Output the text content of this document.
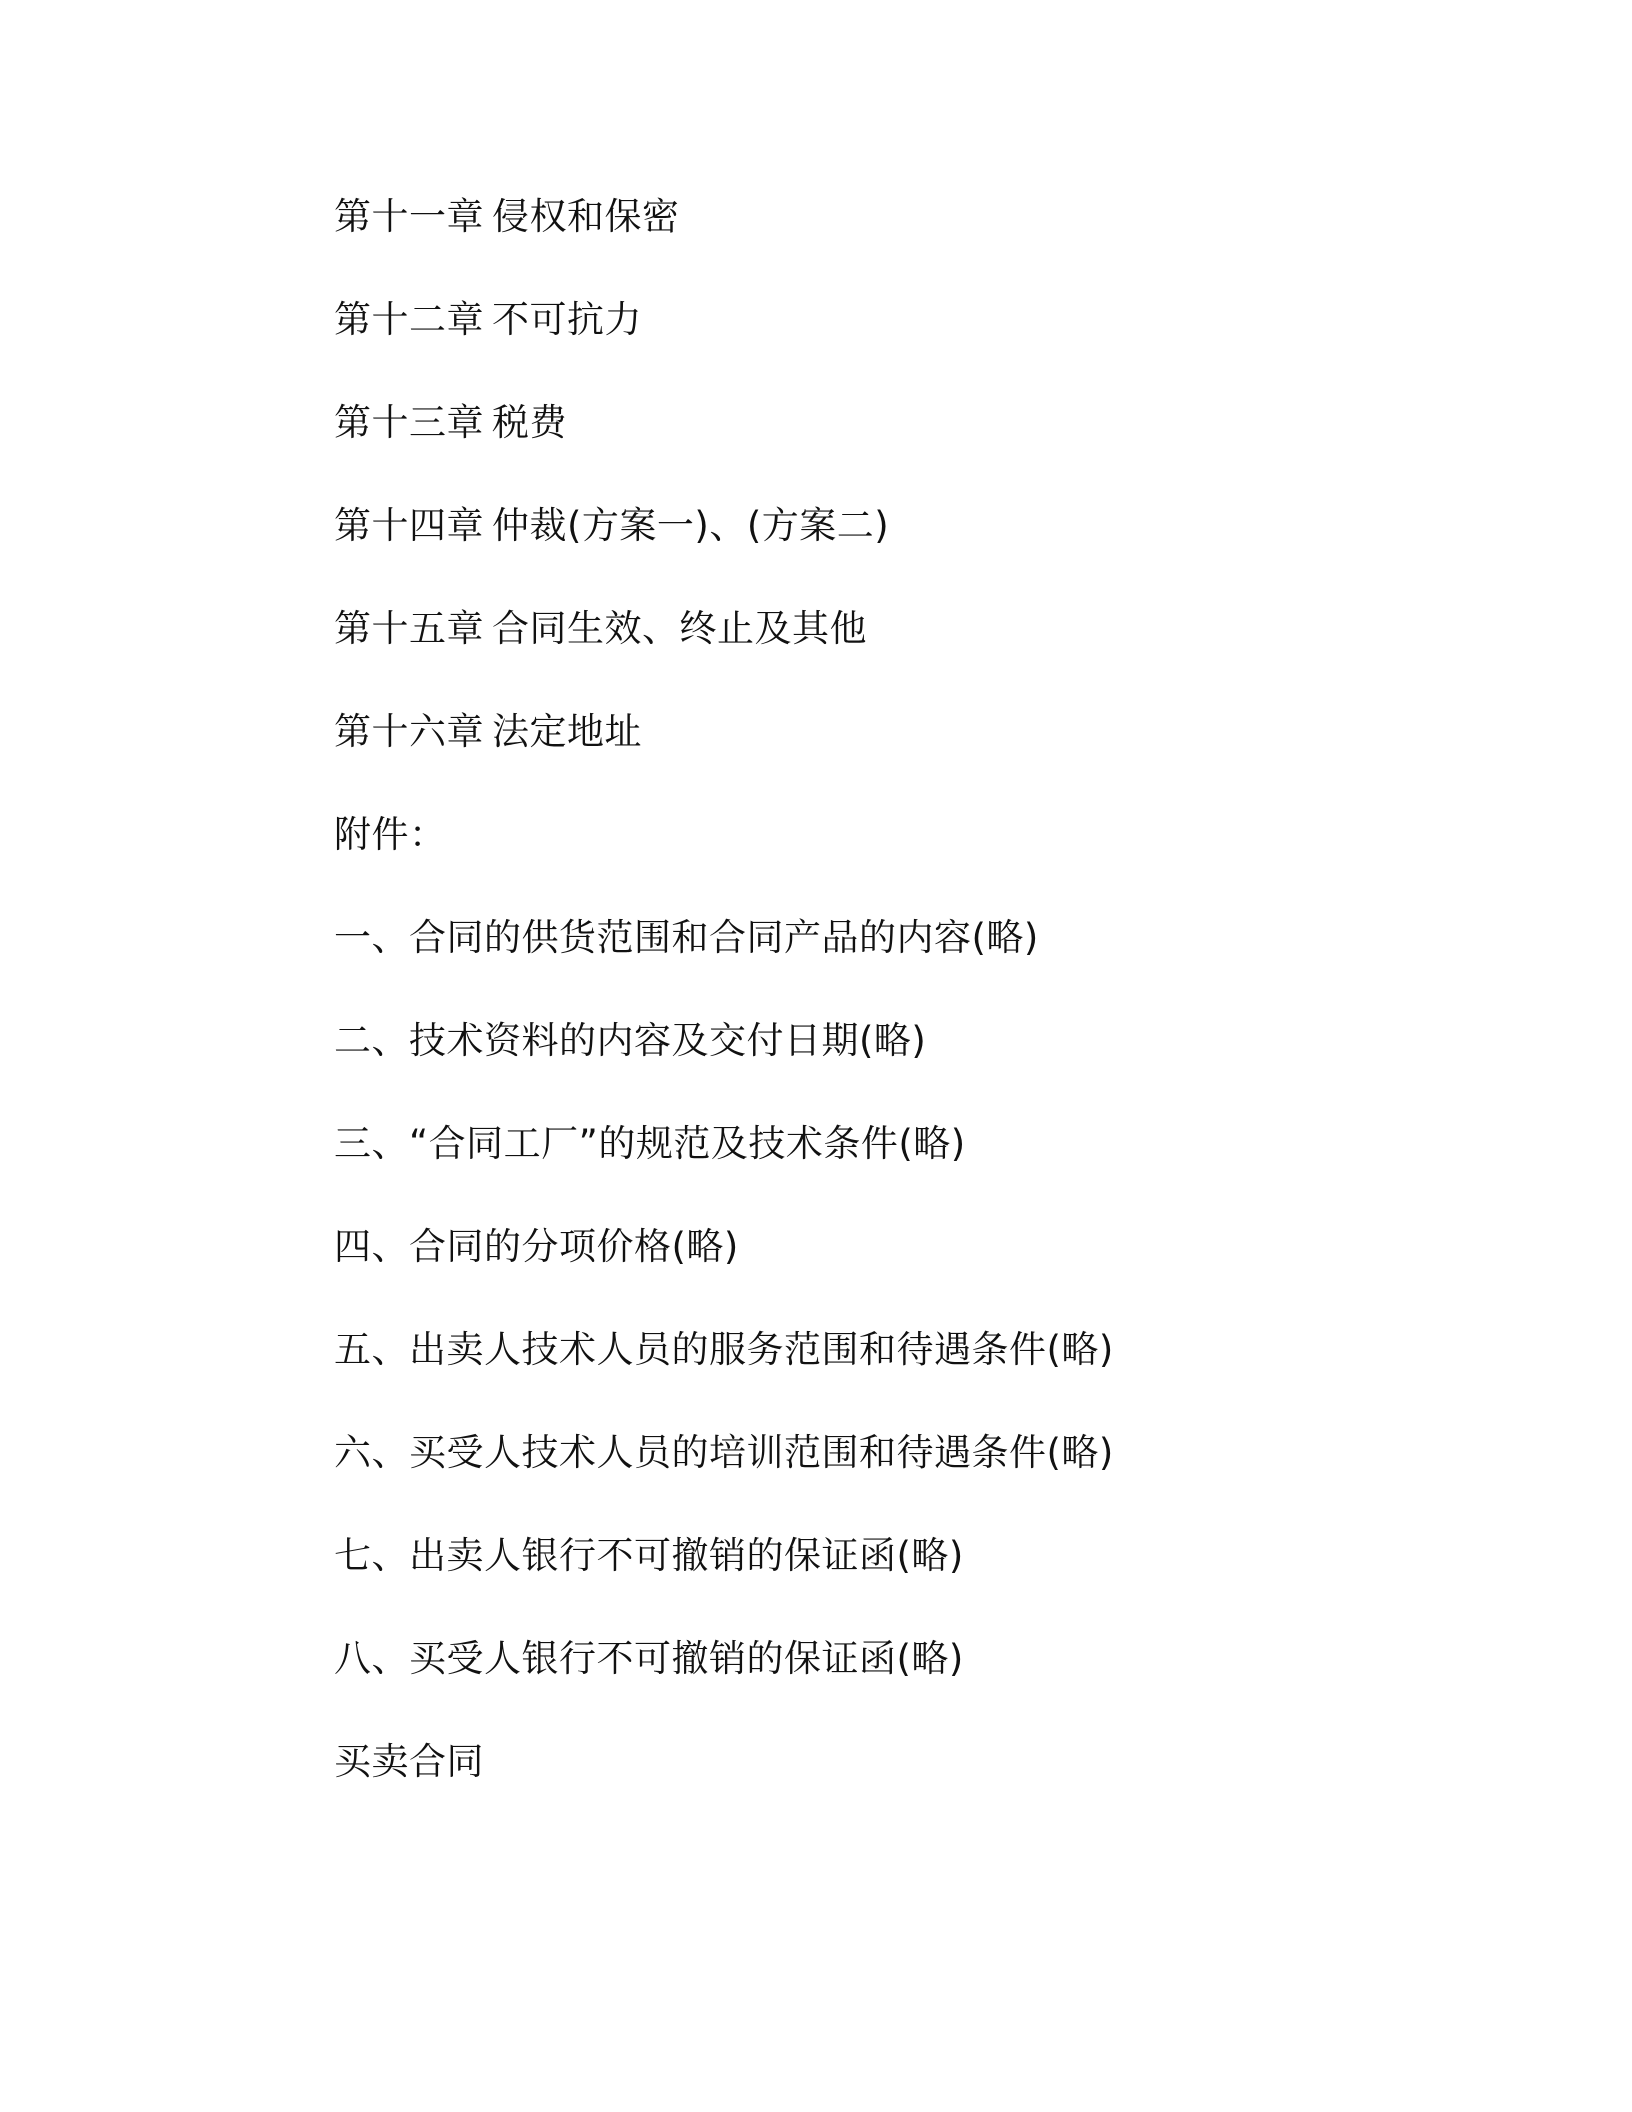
第十一章 侵权和保密
第十二章 不可抗力
第十三章 税费
第十四章 仲裁(方案一)、(方案二)
第十五章 合同生效、终止及其他
第十六章 法定地址
附件：
一、合同的供货范围和合同产品的内容(略)
二、技术资料的内容及交付日期(略)
三、“合同工厂”的规范及技术条件(略)
四、合同的分项价格(略)
五、出卖人技术人员的服务范围和待遇条件(略)
六、买受人技术人员的培训范围和待遇条件(略)
七、出卖人银行不可撤销的保证函(略)
八、买受人银行不可撤销的保证函(略)
买卖合同
